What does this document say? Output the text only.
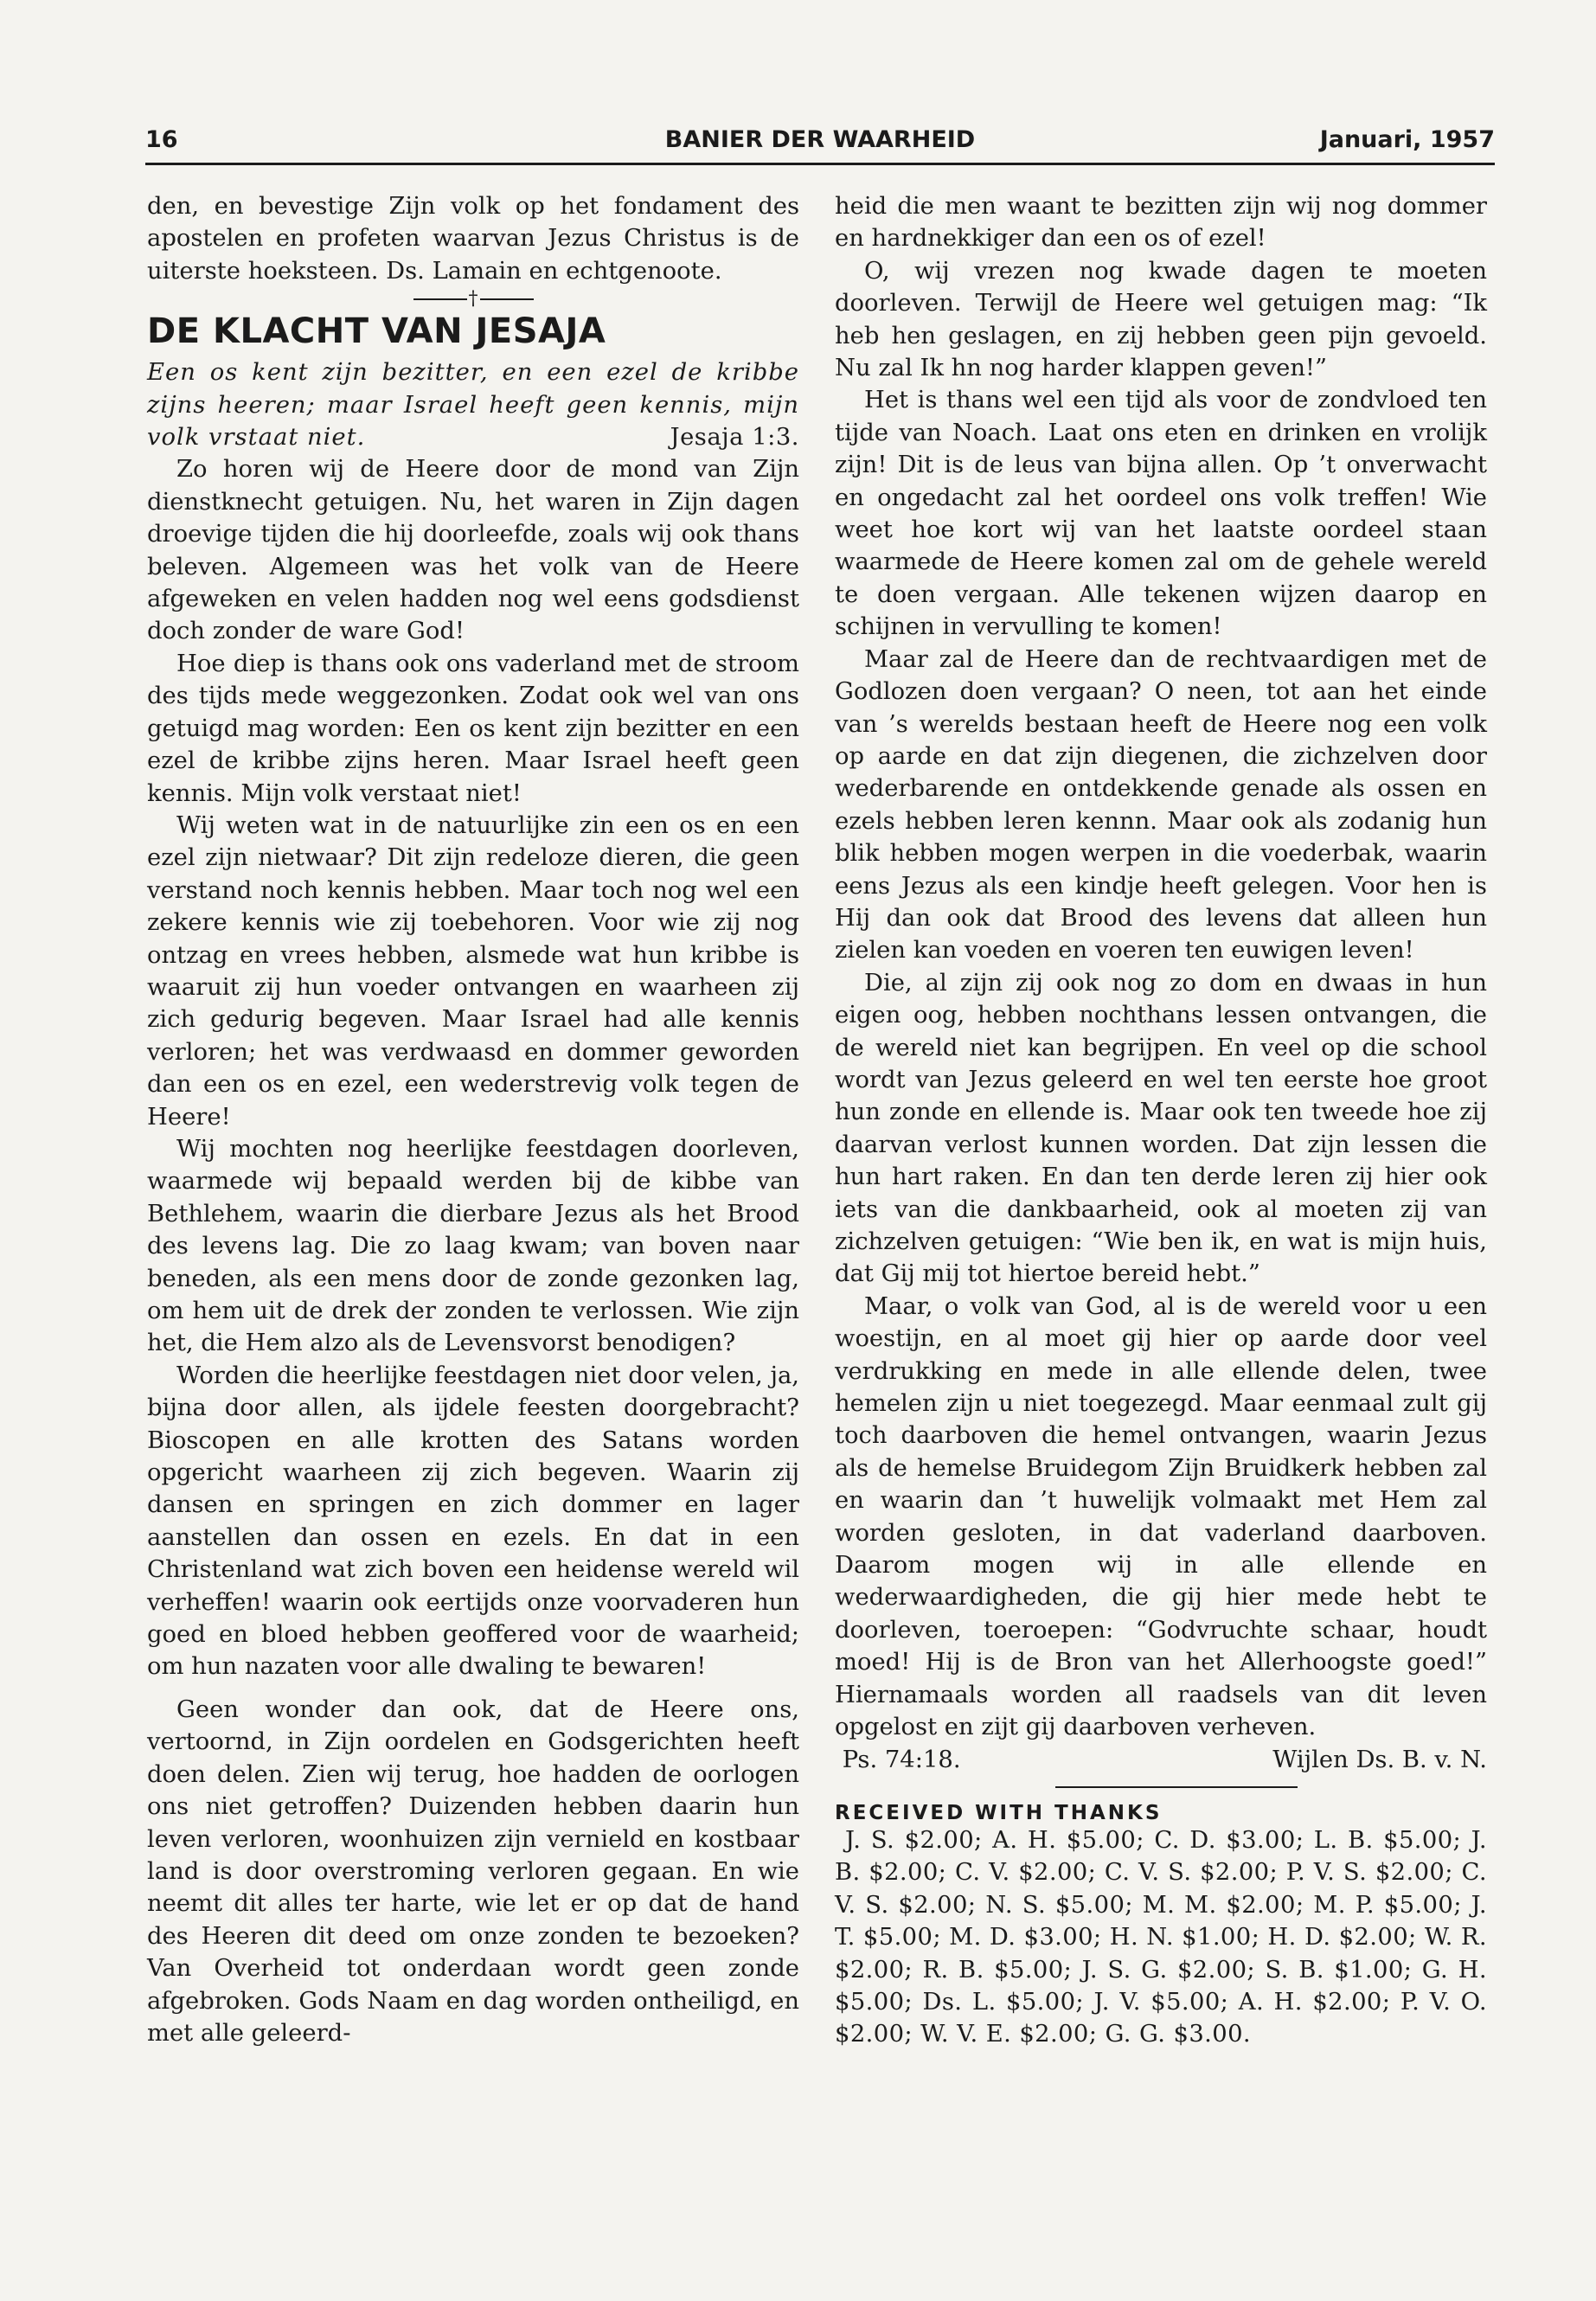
16	BANIER DER WAARHEID	Januari, 1957

den, en bevestige Zijn volk op het fondament des apostelen en profeten waarvan Jezus Christus is de uiterste hoeksteen. Ds. Lamain en echtgenoote.

†
DE KLACHT VAN JESAJA

Een os kent zijn bezitter, en een ezel de kribbe zijns heeren; maar Israel heeft geen kennis, mijn volk vrstaat niet.	Jesaja 1:3.

Zo horen wij de Heere door de mond van Zijn dienstknecht getuigen. Nu, het waren in Zijn dagen droevige tijden die hij doorleefde, zoals wij ook thans beleven. Algemeen was het volk van de Heere afgeweken en velen hadden nog wel eens godsdienst doch zonder de ware God!

Hoe diep is thans ook ons vaderland met de stroom des tijds mede weggezonken. Zodat ook wel van ons getuigd mag worden: Een os kent zijn bezitter en een ezel de kribbe zijns heren. Maar Israel heeft geen kennis. Mijn volk verstaat niet!

Wij weten wat in de natuurlijke zin een os en een ezel zijn nietwaar? Dit zijn redeloze dieren, die geen verstand noch kennis hebben. Maar toch nog wel een zekere kennis wie zij toebehoren. Voor wie zij nog ontzag en vrees hebben, alsmede wat hun kribbe is waaruit zij hun voeder ontvangen en waarheen zij zich gedurig begeven. Maar Israel had alle kennis verloren; het was verdwaasd en dommer geworden dan een os en ezel, een wederstrevig volk tegen de Heere!

Wij mochten nog heerlijke feestdagen doorleven, waarmede wij bepaald werden bij de kibbe van Bethlehem, waarin die dierbare Jezus als het Brood des levens lag. Die zo laag kwam; van boven naar beneden, als een mens door de zonde gezonken lag, om hem uit de drek der zonden te verlossen. Wie zijn het, die Hem alzo als de Levensvorst benodigen?

Worden die heerlijke feestdagen niet door velen, ja, bijna door allen, als ijdele feesten doorgebracht? Bioscopen en alle krotten des Satans worden opgericht waarheen zij zich begeven. Waarin zij dansen en springen en zich dommer en lager aanstellen dan ossen en ezels. En dat in een Christenland wat zich boven een heidense wereld wil verheffen! waarin ook eertijds onze voorvaderen hun goed en bloed hebben geoffered voor de waarheid; om hun nazaten voor alle dwaling te bewaren!

Geen wonder dan ook, dat de Heere ons, vertoornd, in Zijn oordelen en Godsgerichten heeft doen delen. Zien wij terug, hoe hadden de oorlogen ons niet getroffen? Duizenden hebben daarin hun leven verloren, woonhuizen zijn vernield en kostbaar land is door overstroming verloren gegaan. En wie neemt dit alles ter harte, wie let er op dat de hand des Heeren dit deed om onze zonden te bezoeken? Van Overheid tot onderdaan wordt geen zonde afgebroken. Gods Naam en dag worden ontheiligd, en met alle geleerd-

heid die men waant te bezitten zijn wij nog dommer en hardnekkiger dan een os of ezel!

O, wij vrezen nog kwade dagen te moeten doorleven. Terwijl de Heere wel getuigen mag: “Ik heb hen geslagen, en zij hebben geen pijn gevoeld. Nu zal Ik hn nog harder klappen geven!”

Het is thans wel een tijd als voor de zondvloed ten tijde van Noach. Laat ons eten en drinken en vrolijk zijn! Dit is de leus van bijna allen. Op ’t onverwacht en ongedacht zal het oordeel ons volk treffen! Wie weet hoe kort wij van het laatste oordeel staan waarmede de Heere komen zal om de gehele wereld te doen vergaan. Alle tekenen wijzen daarop en schijnen in vervulling te komen!

Maar zal de Heere dan de rechtvaardigen met de Godlozen doen vergaan? O neen, tot aan het einde van ’s werelds bestaan heeft de Heere nog een volk op aarde en dat zijn diegenen, die zichzelven door wederbarende en ontdekkende genade als ossen en ezels hebben leren kennn. Maar ook als zodanig hun blik hebben mogen werpen in die voederbak, waarin eens Jezus als een kindje heeft gelegen. Voor hen is Hij dan ook dat Brood des levens dat alleen hun zielen kan voeden en voeren ten euwigen leven!

Die, al zijn zij ook nog zo dom en dwaas in hun eigen oog, hebben nochthans lessen ontvangen, die de wereld niet kan begrijpen. En veel op die school wordt van Jezus geleerd en wel ten eerste hoe groot hun zonde en ellende is. Maar ook ten tweede hoe zij daarvan verlost kunnen worden. Dat zijn lessen die hun hart raken. En dan ten derde leren zij hier ook iets van die dankbaarheid, ook al moeten zij van zichzelven getuigen: “Wie ben ik, en wat is mijn huis, dat Gij mij tot hiertoe bereid hebt.”

Maar, o volk van God, al is de wereld voor u een woestijn, en al moet gij hier op aarde door veel verdrukking en mede in alle ellende delen, twee hemelen zijn u niet toegezegd. Maar eenmaal zult gij toch daarboven die hemel ontvangen, waarin Jezus als de hemelse Bruidegom Zijn Bruidkerk hebben zal en waarin dan ’t huwelijk volmaakt met Hem zal worden gesloten, in dat vaderland daarboven. Daarom mogen wij in alle ellende en wederwaardigheden, die gij hier mede hebt te doorleven, toeroepen: “Godvruchte schaar, houdt moed! Hij is de Bron van het Allerhoogste goed!” Hiernamaals worden all raadsels van dit leven opgelost en zijt gij daarboven verheven.

Ps. 74:18.	Wijlen Ds. B. v. N.

RECEIVED WITH THANKS

J. S. $2.00; A. H. $5.00; C. D. $3.00; L. B. $5.00; J. B. $2.00; C. V. $2.00; C. V. S. $2.00; P. V. S. $2.00; C. V. S. $2.00; N. S. $5.00; M. M. $2.00; M. P. $5.00; J. T. $5.00; M. D. $3.00; H. N. $1.00; H. D. $2.00; W. R. $2.00; R. B. $5.00; J. S. G. $2.00; S. B. $1.00; G. H. $5.00; Ds. L. $5.00; J. V. $5.00; A. H. $2.00; P. V. O. $2.00; W. V. E. $2.00; G. G. $3.00.
